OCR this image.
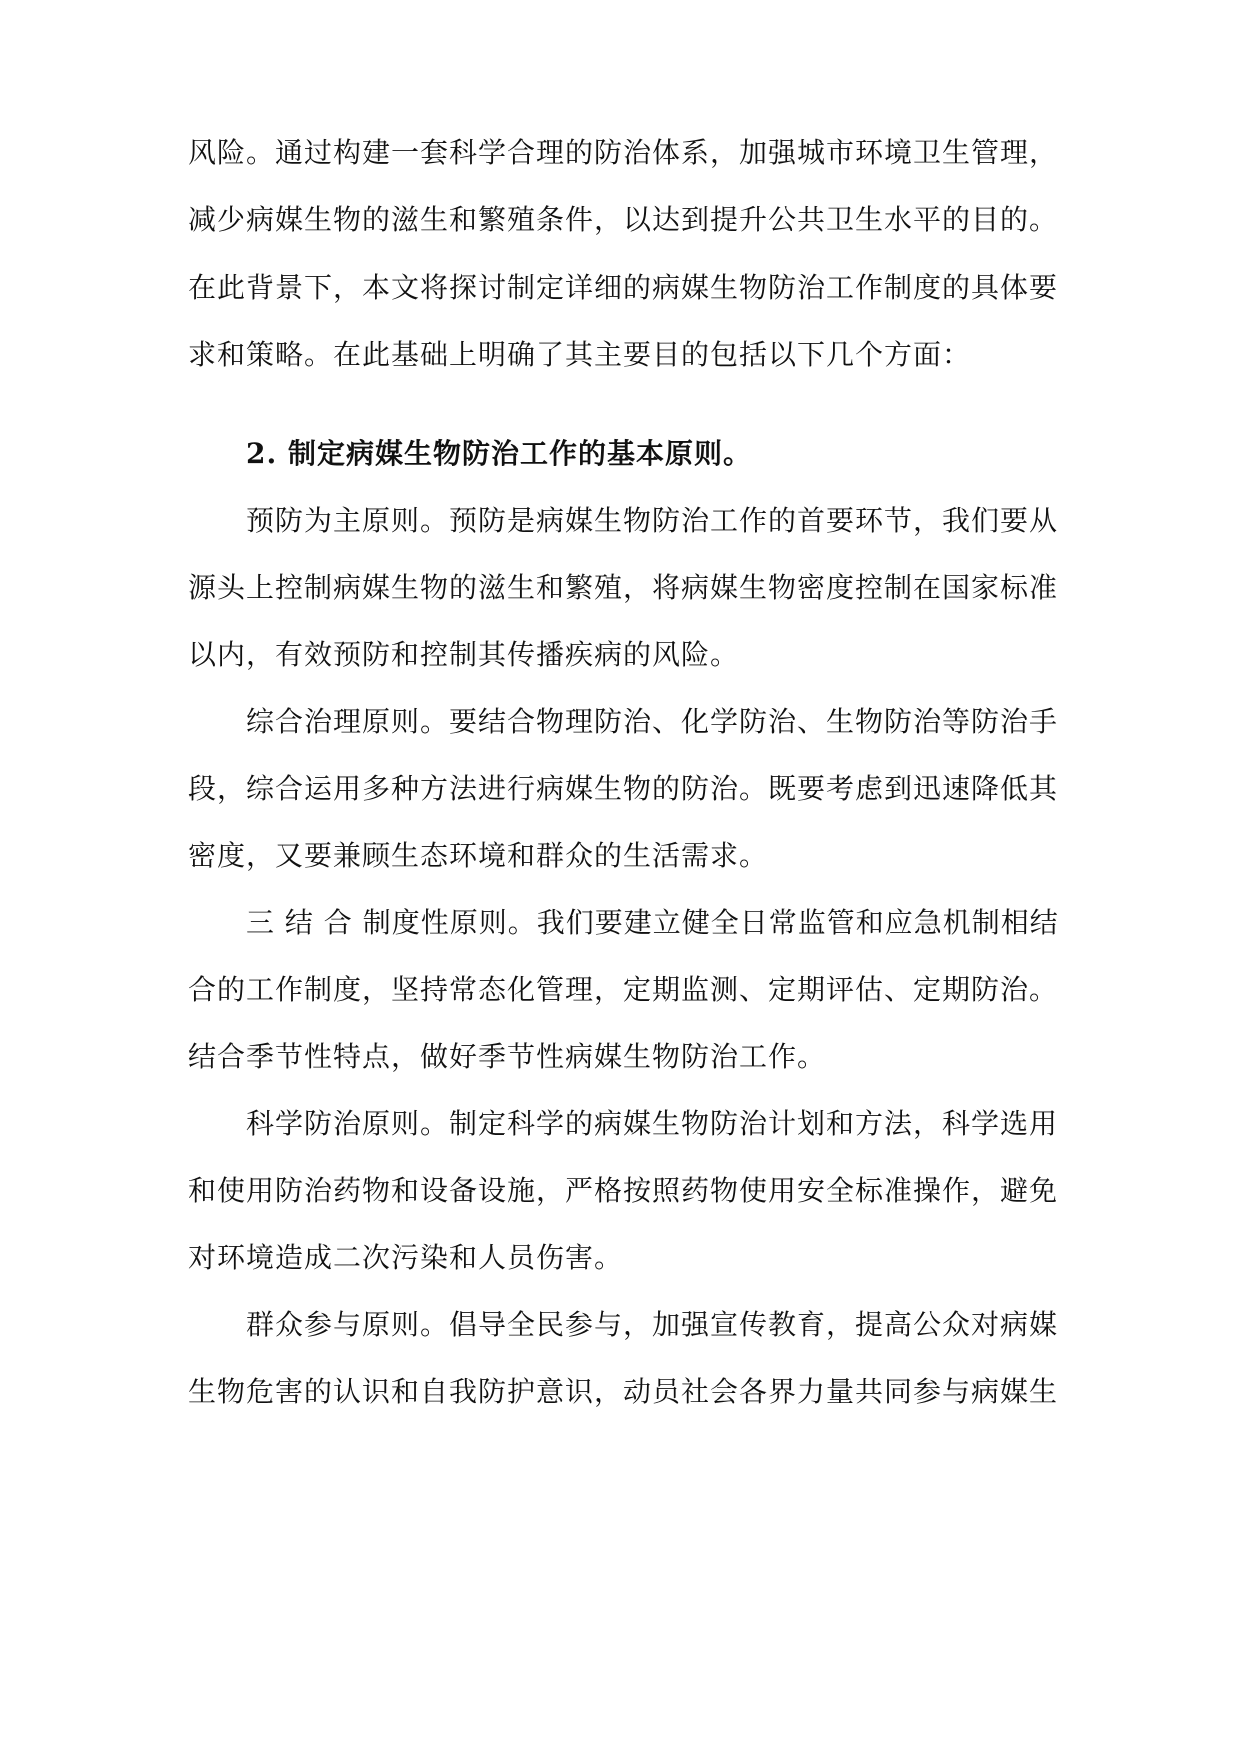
风险。通过构建一套科学合理的防治体系，加强城市环境卫生管理，
减少病媒生物的滋生和繁殖条件，以达到提升公共卫生水平的目的。
在此背景下，本文将探讨制定详细的病媒生物防治工作制度的具体要
求和策略。在此基础上明确了其主要目的包括以下几个方面：
2. 制定病媒生物防治工作的基本原则。
预防为主原则。预防是病媒生物防治工作的首要环节，我们要从
源头上控制病媒生物的滋生和繁殖，将病媒生物密度控制在国家标准
以内，有效预防和控制其传播疾病的风险。
综合治理原则。要结合物理防治、化学防治、生物防治等防治手
段，综合运用多种方法进行病媒生物的防治。既要考虑到迅速降低其
密度，又要兼顾生态环境和群众的生活需求。
三 结 合 制度性原则。我们要建立健全日常监管和应急机制相结
合的工作制度，坚持常态化管理，定期监测、定期评估、定期防治。
结合季节性特点，做好季节性病媒生物防治工作。
科学防治原则。制定科学的病媒生物防治计划和方法，科学选用
和使用防治药物和设备设施，严格按照药物使用安全标准操作，避免
对环境造成二次污染和人员伤害。
群众参与原则。倡导全民参与，加强宣传教育，提高公众对病媒
生物危害的认识和自我防护意识，动员社会各界力量共同参与病媒生
